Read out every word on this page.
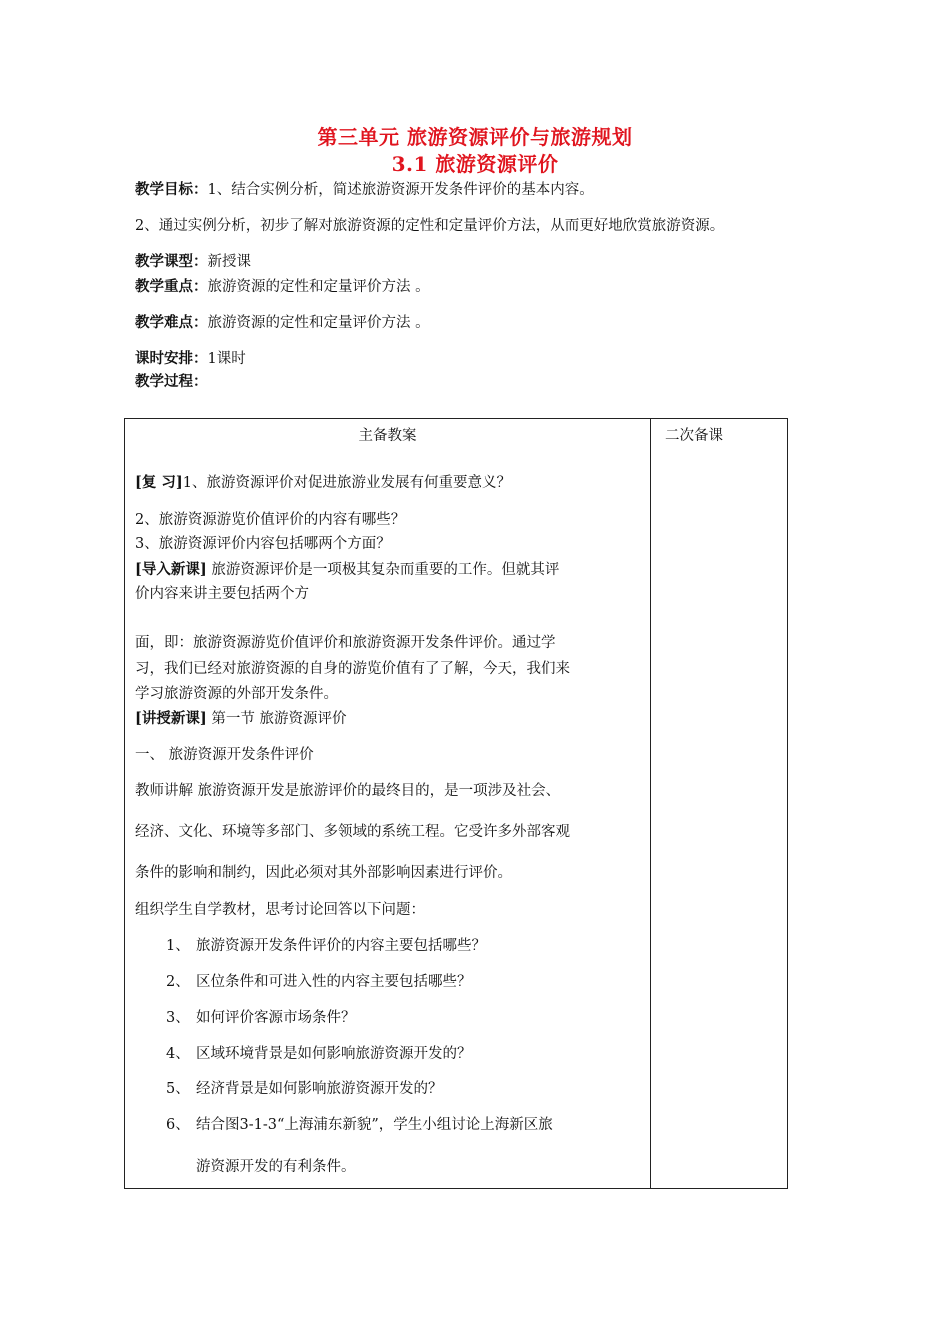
第三单元 旅游资源评价与旅游规划
3.1 旅游资源评价
教学目标：1、结合实例分析，简述旅游资源开发条件评价的基本内容。
2、通过实例分析，初步了解对旅游资源的定性和定量评价方法，从而更好地欣赏旅游资源。
教学课型：新授课
教学重点：旅游资源的定性和定量评价方法 。
教学难点：旅游资源的定性和定量评价方法 。
课时安排：1课时
教学过程：
主备教案
[复 习]1、旅游资源评价对促进旅游业发展有何重要意义？
2、旅游资源游览价值评价的内容有哪些？
3、旅游资源评价内容包括哪两个方面？
[导入新课] 旅游资源评价是一项极其复杂而重要的工作。但就其评
价内容来讲主要包括两个方
面，即：旅游资源游览价值评价和旅游资源开发条件评价。通过学
习，我们已经对旅游资源的自身的游览价值有了了解，今天，我们来
学习旅游资源的外部开发条件。
[讲授新课] 第一节 旅游资源评价
一、 旅游资源开发条件评价
教师讲解 旅游资源开发是旅游评价的最终目的，是一项涉及社会、
经济、文化、环境等多部门、多领域的系统工程。它受许多外部客观
条件的影响和制约，因此必须对其外部影响因素进行评价。
组织学生自学教材，思考讨论回答以下问题：
1、 旅游资源开发条件评价的内容主要包括哪些？
2、 区位条件和可进入性的内容主要包括哪些？
3、 如何评价客源市场条件？
4、 区域环境背景是如何影响旅游资源开发的？
5、 经济背景是如何影响旅游资源开发的？
6、 结合图3-1-3“上海浦东新貌”，学生小组讨论上海新区旅
游资源开发的有利条件。

二次备课
